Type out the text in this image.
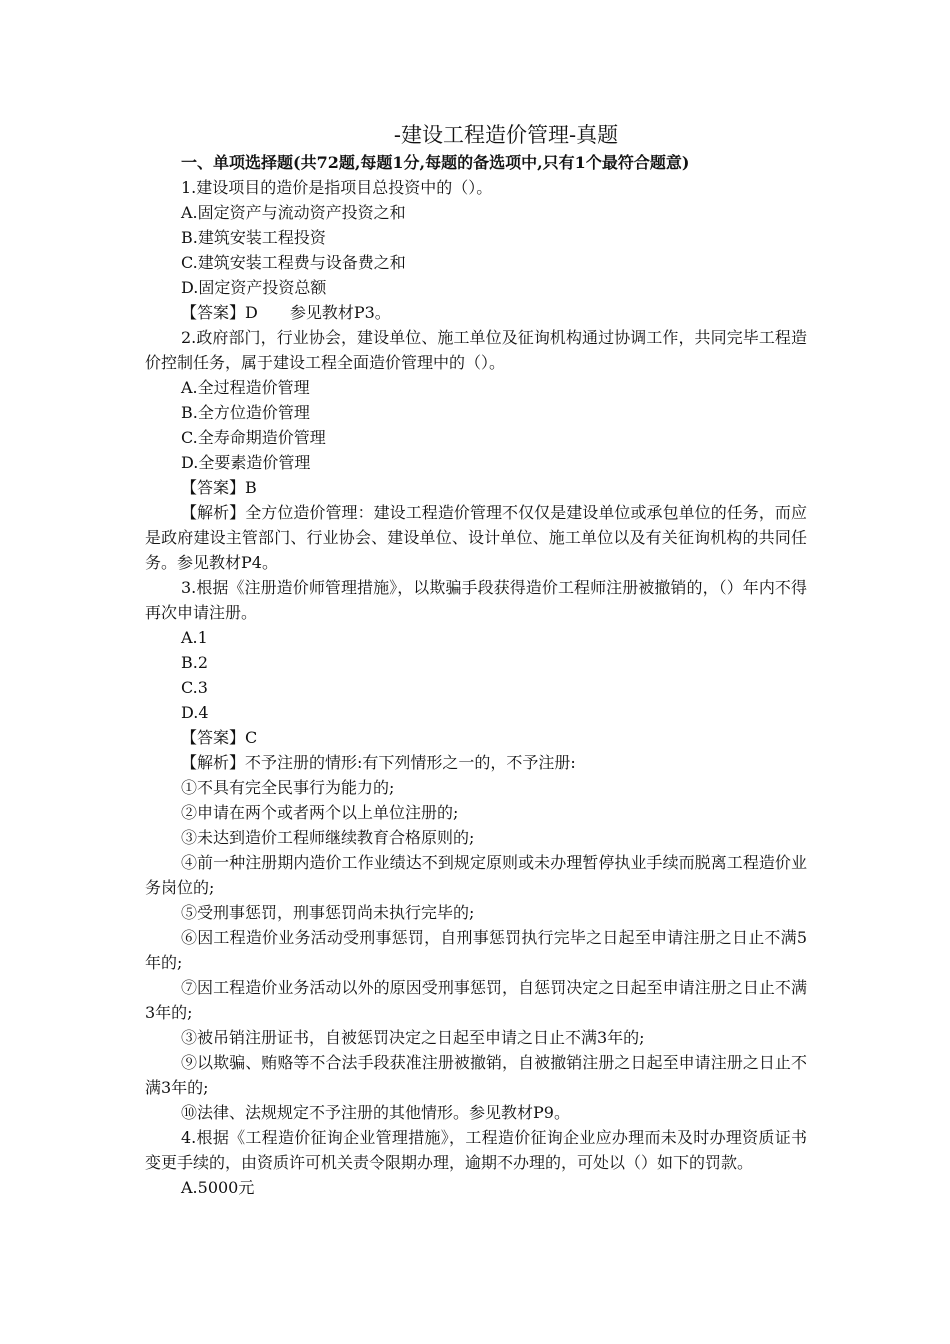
-建设工程造价管理-真题

一、单项选择题(共72题,每题1分,每题的备选项中,只有1个最符合题意)

1.建设项目的造价是指项目总投资中的（）。

A.固定资产与流动资产投资之和

B.建筑安装工程投资

C.建筑安装工程费与设备费之和

D.固定资产投资总额

【答案】D　　参见教材P3。

2.政府部门，行业协会，建设单位、施工单位及征询机构通过协调工作，共同完毕工程造价控制任务，属于建设工程全面造价管理中的（）。

A.全过程造价管理

B.全方位造价管理

C.全寿命期造价管理

D.全要素造价管理

【答案】B

【解析】全方位造价管理：建设工程造价管理不仅仅是建设单位或承包单位的任务，而应是政府建设主管部门、行业协会、建设单位、设计单位、施工单位以及有关征询机构的共同任务。参见教材P4。

3.根据《注册造价师管理措施》，以欺骗手段获得造价工程师注册被撤销的，（）年内不得再次申请注册。

A.1

B.2

C.3

D.4

【答案】C

【解析】不予注册的情形:有下列情形之一的，不予注册:

①不具有完全民事行为能力的;

②申请在两个或者两个以上单位注册的;

③未达到造价工程师继续教育合格原则的;

④前一种注册期内造价工作业绩达不到规定原则或未办理暂停执业手续而脱离工程造价业务岗位的;

⑤受刑事惩罚，刑事惩罚尚未执行完毕的;

⑥因工程造价业务活动受刑事惩罚，自刑事惩罚执行完毕之日起至申请注册之日止不满5年的;

⑦因工程造价业务活动以外的原因受刑事惩罚，自惩罚决定之日起至申请注册之日止不满3年的;

③被吊销注册证书，自被惩罚决定之日起至申请之日止不满3年的;

⑨以欺骗、贿赂等不合法手段获准注册被撤销，自被撤销注册之日起至申请注册之日止不满3年的;

⑩法律、法规规定不予注册的其他情形。参见教材P9。

4.根据《工程造价征询企业管理措施》，工程造价征询企业应办理而未及时办理资质证书变更手续的，由资质许可机关责令限期办理，逾期不办理的，可处以（）如下的罚款。

A.5000元
